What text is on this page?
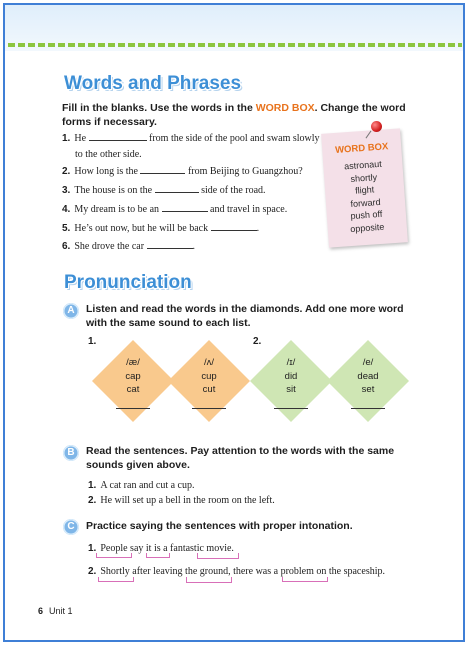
Words and Phrases
Fill in the blanks. Use the words in the WORD BOX. Change the word forms if necessary.
1. He	from the side of the pool and swam slowly
to the other side.
2. How long is the	from Beijing to Guangzhou?
3. The house is on the	side of the road.
4. My dream is to be an	and travel in space.
5. He’s out now, but he will be back	.
6. She drove the car	.
WORD BOX
astronaut
shortly
flight
forward
push off
opposite
Pronunciation
A	Listen and read the words in the diamonds. Add one more word with the same sound to each list.
1.	2.
/æ/
cap
cat
/ʌ/
cup
cut
/ɪ/
did
sit
/e/
dead
set
B	Read the sentences. Pay attention to the words with the same sounds given above.
1. A cat ran and cut a cup.
2. He will set up a bell in the room on the left.
C	Practice saying the sentences with proper intonation.
1. People say it is a fantastic movie.
2. Shortly after leaving the ground, there was a problem on the spaceship.
6 Unit 1
